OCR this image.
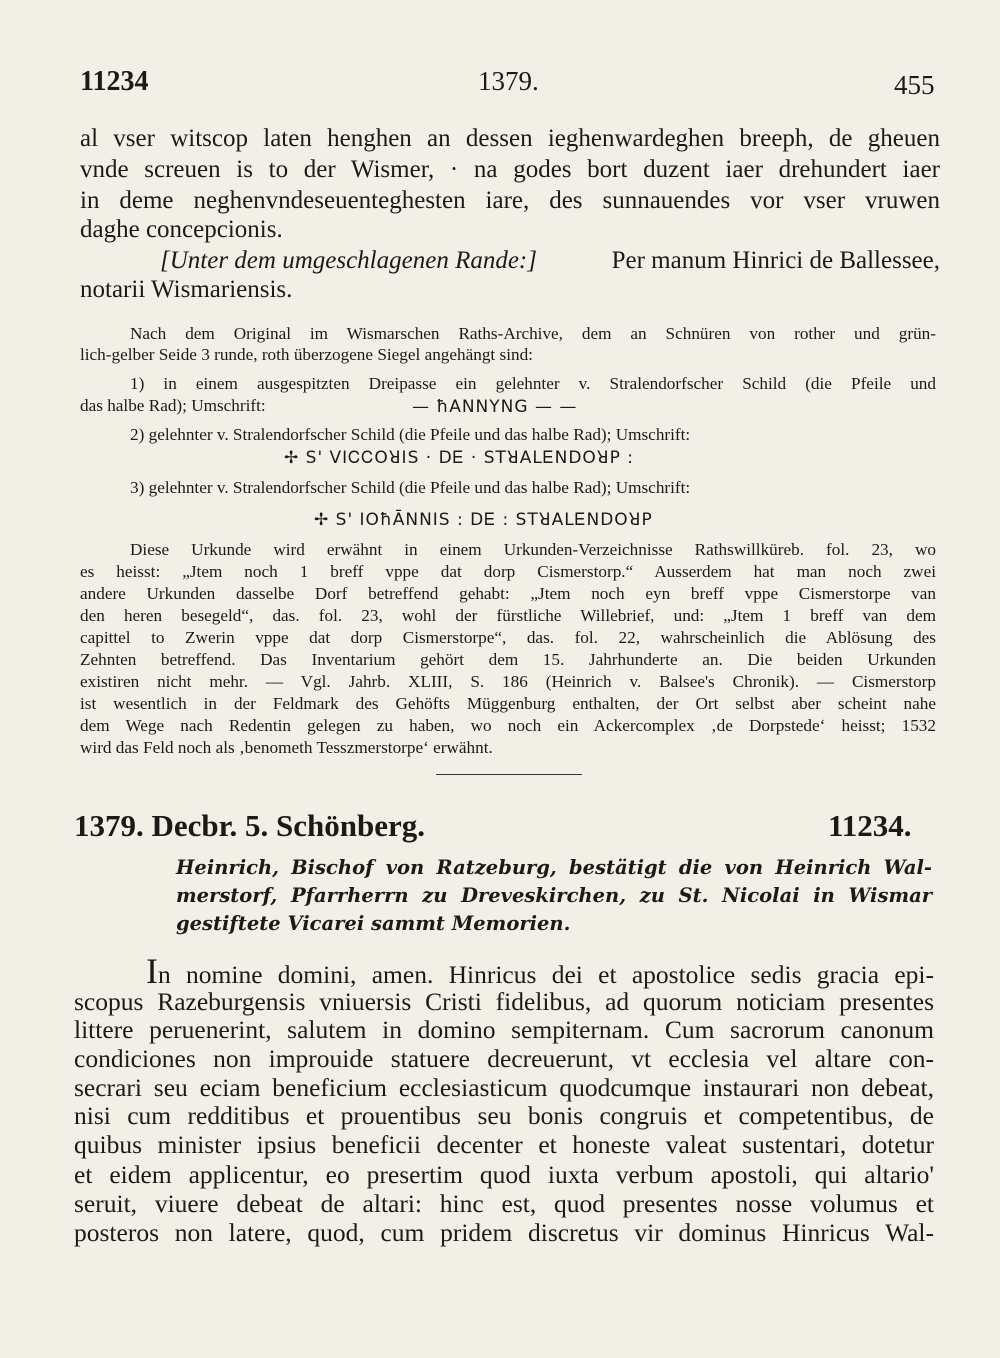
11234	1379.	455
al vser witscop laten henghen an dessen ieghenwardeghen breeph, de gheuen
vnde screuen is to der Wismer, · na godes bort duzent iaer drehundert iaer
in deme neghenvndeseuenteghesten iare, des sunnauendes vor vser vruwen
daghe concepcionis.
[Unter dem umgeschlagenen Rande:]	Per manum Hinrici de Ballessee,
notarii Wismariensis.
Nach dem Original im Wismarschen Raths-Archive, dem an Schnüren von rother und grün-
lich-gelber Seide 3 runde, roth überzogene Siegel angehängt sind:
1) in einem ausgespitzten Dreipasse ein gelehnter v. Stralendorfscher Schild (die Pfeile und
das halbe Rad); Umschrift:	— ħANNYNG — —
2) gelehnter v. Stralendorfscher Schild (die Pfeile und das halbe Rad); Umschrift:
✢ S' VIᏟᏟOꓤIS · DᎬ · STꓤALᎬNDOꓤP :
3) gelehnter v. Stralendorfscher Schild (die Pfeile und das halbe Rad); Umschrift:
✢ S' IOħĀNNIS : DᎬ : STꓤALᎬNDOꓤP
Diese Urkunde wird erwähnt in einem Urkunden-Verzeichnisse Rathswillküreb. fol. 23, wo
es heisst: „Jtem noch 1 breff vppe dat dorp Cismerstorp.“ Ausserdem hat man noch zwei
andere Urkunden dasselbe Dorf betreffend gehabt: „Jtem noch eyn breff vppe Cismerstorpe van
den heren besegeld“, das. fol. 23, wohl der fürstliche Willebrief, und: „Jtem 1 breff van dem
capittel to Zwerin vppe dat dorp Cismerstorpe“, das. fol. 22, wahrscheinlich die Ablösung des
Zehnten betreffend. Das Inventarium gehört dem 15. Jahrhunderte an. Die beiden Urkunden
existiren nicht mehr. — Vgl. Jahrb. XLIII, S. 186 (Heinrich v. Balsee's Chronik). — Cismerstorp
ist wesentlich in der Feldmark des Gehöfts Müggenburg enthalten, der Ort selbst aber scheint nahe
dem Wege nach Redentin gelegen zu haben, wo noch ein Ackercomplex ‚de Dorpstede‘ heisst; 1532
wird das Feld noch als ‚benometh Tesszmerstorpe‘ erwähnt.
1379. Decbr. 5. Schönberg.	11234.
Heinrich, Bischof von Ratzeburg, bestätigt die von Heinrich Wal-
merstorf, Pfarrherrn zu Dreveskirchen, zu St. Nicolai in Wismar
gestiftete Vicarei sammt Memorien.
I n nomine domini, amen. Hinricus dei et apostolice sedis gracia epi-
scopus Razeburgensis vniuersis Cristi fidelibus, ad quorum noticiam presentes
littere peruenerint, salutem in domino sempiternam. Cum sacrorum canonum
condiciones non improuide statuere decreuerunt, vt ecclesia vel altare con-
secrari seu eciam beneficium ecclesiasticum quodcumque instaurari non debeat,
nisi cum redditibus et prouentibus seu bonis congruis et competentibus, de
quibus minister ipsius beneficii decenter et honeste valeat sustentari, dotetur
et eidem applicentur, eo presertim quod iuxta verbum apostoli, qui altario'
seruit, viuere debeat de altari: hinc est, quod presentes nosse volumus et
posteros non latere, quod, cum pridem discretus vir dominus Hinricus Wal-
